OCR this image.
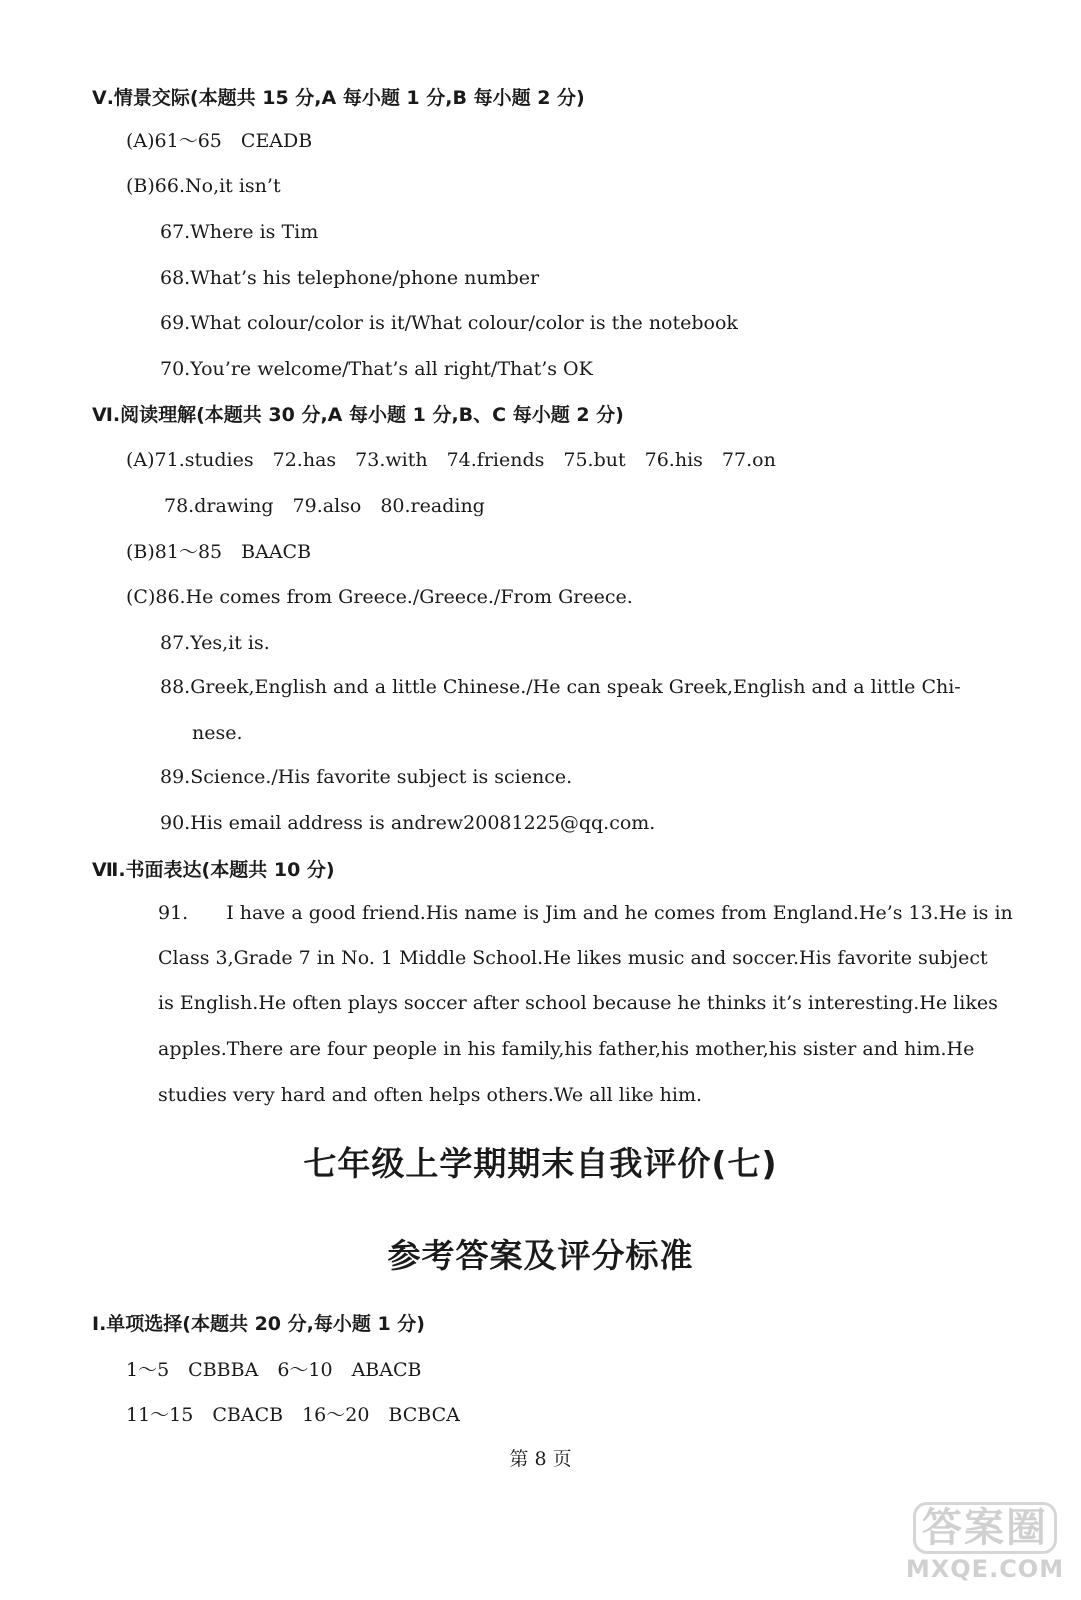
Ⅴ.情景交际(本题共 15 分,A 每小题 1 分,B 每小题 2 分)
(A)61～65　CEADB
(B)66.No,it isn’t
67.Where is Tim
68.What’s his telephone/phone number
69.What colour/color is it/What colour/color is the notebook
70.You’re welcome/That’s all right/That’s OK
Ⅵ.阅读理解(本题共 30 分,A 每小题 1 分,B、C 每小题 2 分)
(A)71.studies　72.has　73.with　74.friends　75.but　76.his　77.on
78.drawing　79.also　80.reading
(B)81～85　BAACB
(C)86.He comes from Greece./Greece./From Greece.
87.Yes,it is.
88.Greek,English and a little Chinese./He can speak Greek,English and a little Chi-
nese.
89.Science./His favorite subject is science.
90.His email address is andrew20081225@qq.com.
Ⅶ.书面表达(本题共 10 分)
91.　　I have a good friend.His name is Jim and he comes from England.He’s 13.He is in
Class 3,Grade 7 in No. 1 Middle School.He likes music and soccer.His favorite subject
is English.He often plays soccer after school because he thinks it’s interesting.He likes
apples.There are four people in his family,his father,his mother,his sister and him.He
studies very hard and often helps others.We all like him.
七年级上学期期末自我评价(七)
参考答案及评分标准
Ⅰ.单项选择(本题共 20 分,每小题 1 分)
1～5　CBBBA　6～10　ABACB
11～15　CBACB　16～20　BCBCA
第 8 页
答案圈
MXQE.COM
